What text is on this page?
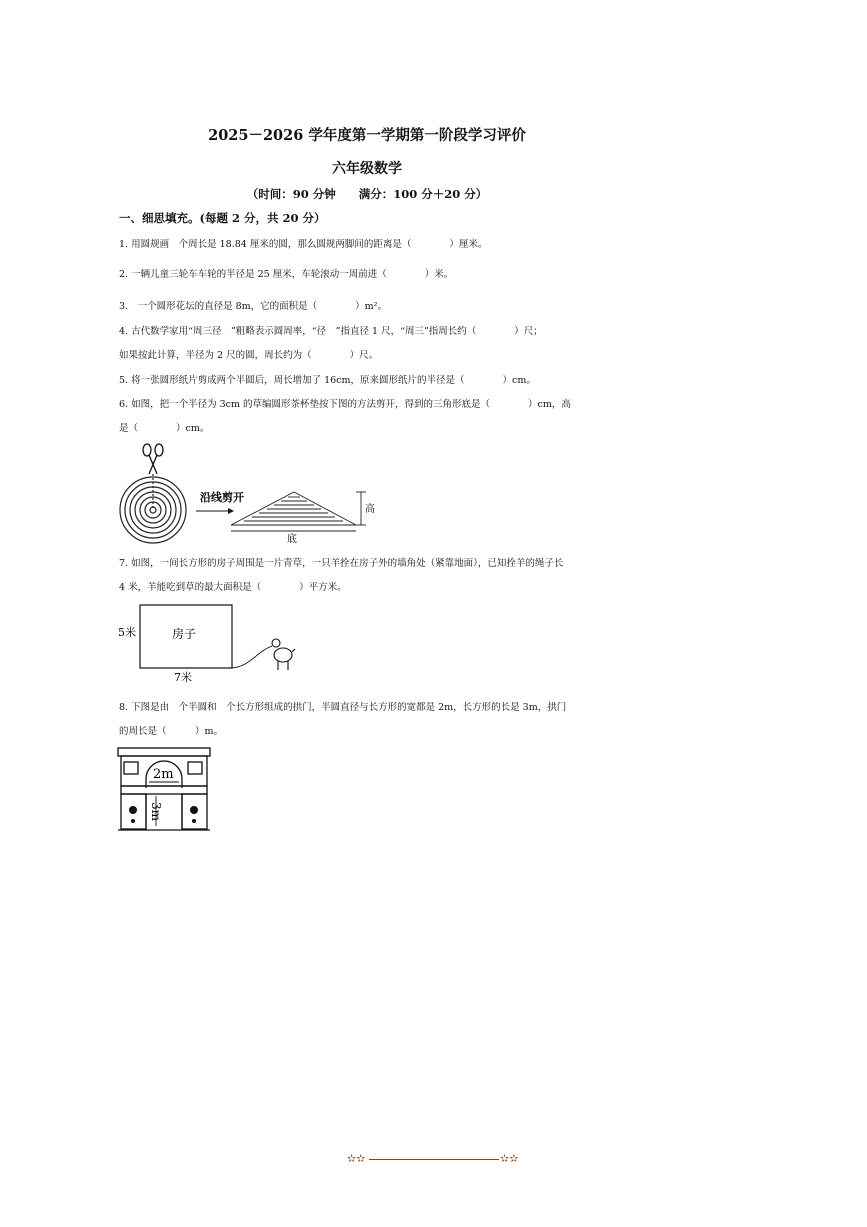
2025－2026 学年度第一学期第一阶段学习评价
六年级数学
（时间：90 分钟　　满分：100 分＋20 分）
一、细思填充。(每题 2 分，共 20 分）
1. 用圆规画　个周长是 18.84 厘米的圆，那么圆规两脚间的距离是（　　　　）厘米。
2. 一辆儿童三轮车车轮的半径是 25 厘米，车轮滚动一周前进（　　　　）米。
3.　一个圆形花坛的直径是 8m，它的面积是（　　　　）m²。
4. 古代数学家用“周三径　”粗略表示圆周率，“径　”指直径 1 尺，“周三”指周长约（　　　　）尺；
如果按此计算，半径为 2 尺的圆，周长约为（　　　　）尺。
5. 将一张圆形纸片剪成两个半圆后，周长增加了 16cm，原来圆形纸片的半径是（　　　　）cm。
6. 如图，把一个半径为 3cm 的草编圆形茶杯垫按下图的方法剪开，得到的三角形底是（　　　　）cm，高
是（　　　　）cm。
沿线剪开
高
底
7. 如图，一间长方形的房子周围是一片青草，一只羊拴在房子外的墙角处（紧靠地面），已知拴羊的绳子长
4 米，羊能吃到草的最大面积是（　　　　）平方米。
房子
5米
7米
8. 下图是由　个半圆和　个长方形组成的拱门，半圆直径与长方形的宽都是 2m，长方形的长是 3m，拱门
的周长是（　　　）m。
2m
3m
✫✫	✫✫
